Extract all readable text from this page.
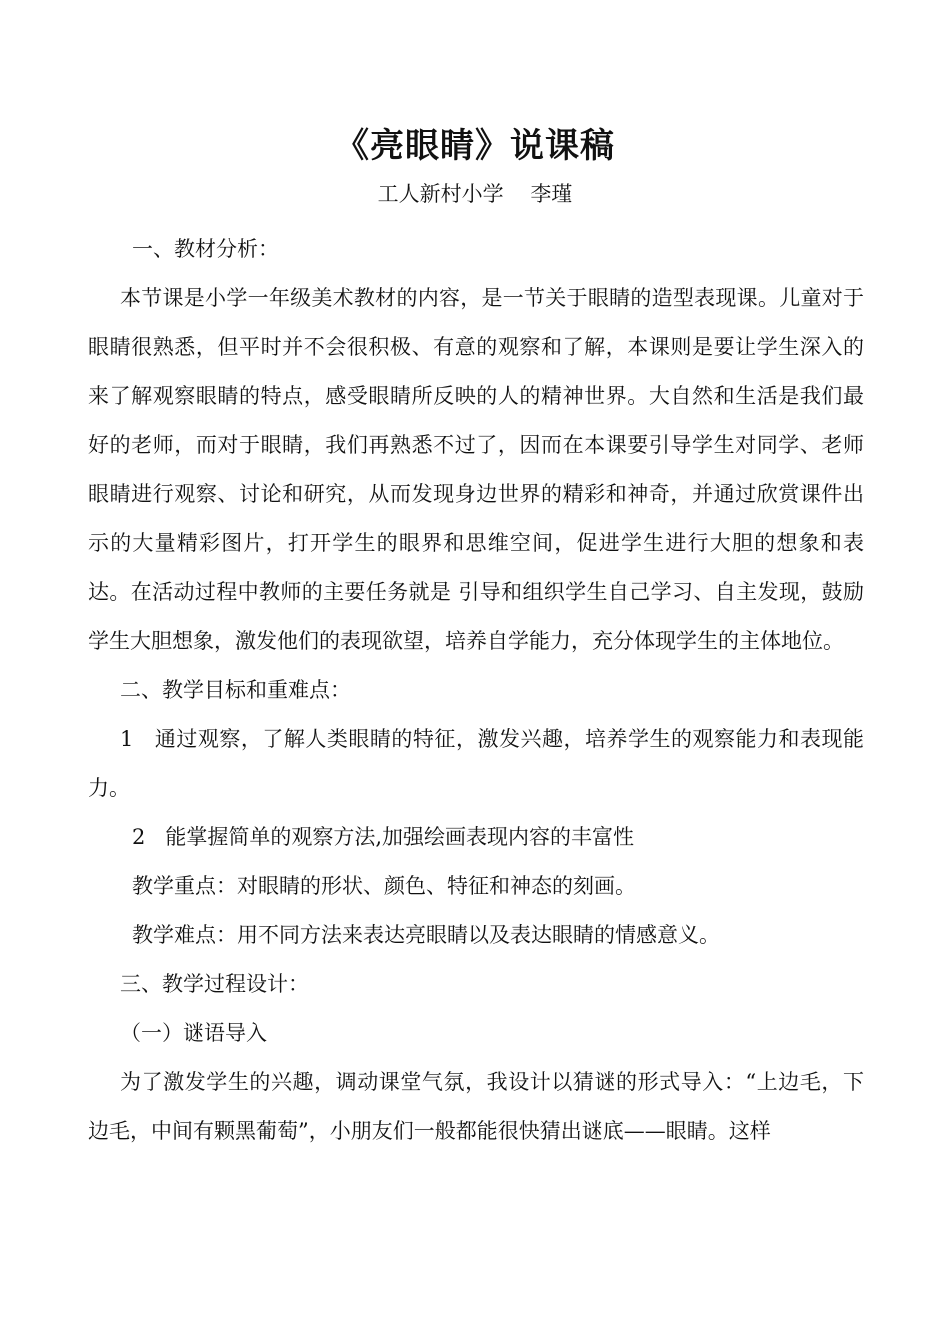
《亮眼睛》说课稿
工人新村小学    李瑾

一、教材分析：

本节课是小学一年级美术教材的内容，是一节关于眼睛的造型表现课。儿童对于眼睛很熟悉，但平时并不会很积极、有意的观察和了解，本课则是要让学生深入的来了解观察眼睛的特点，感受眼睛所反映的人的精神世界。大自然和生活是我们最好的老师，而对于眼睛，我们再熟悉不过了，因而在本课要引导学生对同学、老师眼睛进行观察、讨论和研究，从而发现身边世界的精彩和神奇，并通过欣赏课件出示的大量精彩图片，打开学生的眼界和思维空间，促进学生进行大胆的想象和表达。在活动过程中教师的主要任务就是 引导和组织学生自己学习、自主发现，鼓励学生大胆想象，激发他们的表现欲望，培养自学能力，充分体现学生的主体地位。

二、教学目标和重难点：

1   通过观察，了解人类眼睛的特征，激发兴趣，培养学生的观察能力和表现能力。

2   能掌握简单的观察方法,加强绘画表现内容的丰富性

教学重点：对眼睛的形状、颜色、特征和神态的刻画。

教学难点：用不同方法来表达亮眼睛以及表达眼睛的情感意义。

三、教学过程设计：

（一）谜语导入

为了激发学生的兴趣，调动课堂气氛，我设计以猜谜的形式导入：“上边毛，下边毛，中间有颗黑葡萄”，小朋友们一般都能很快猜出谜底——眼睛。这样
